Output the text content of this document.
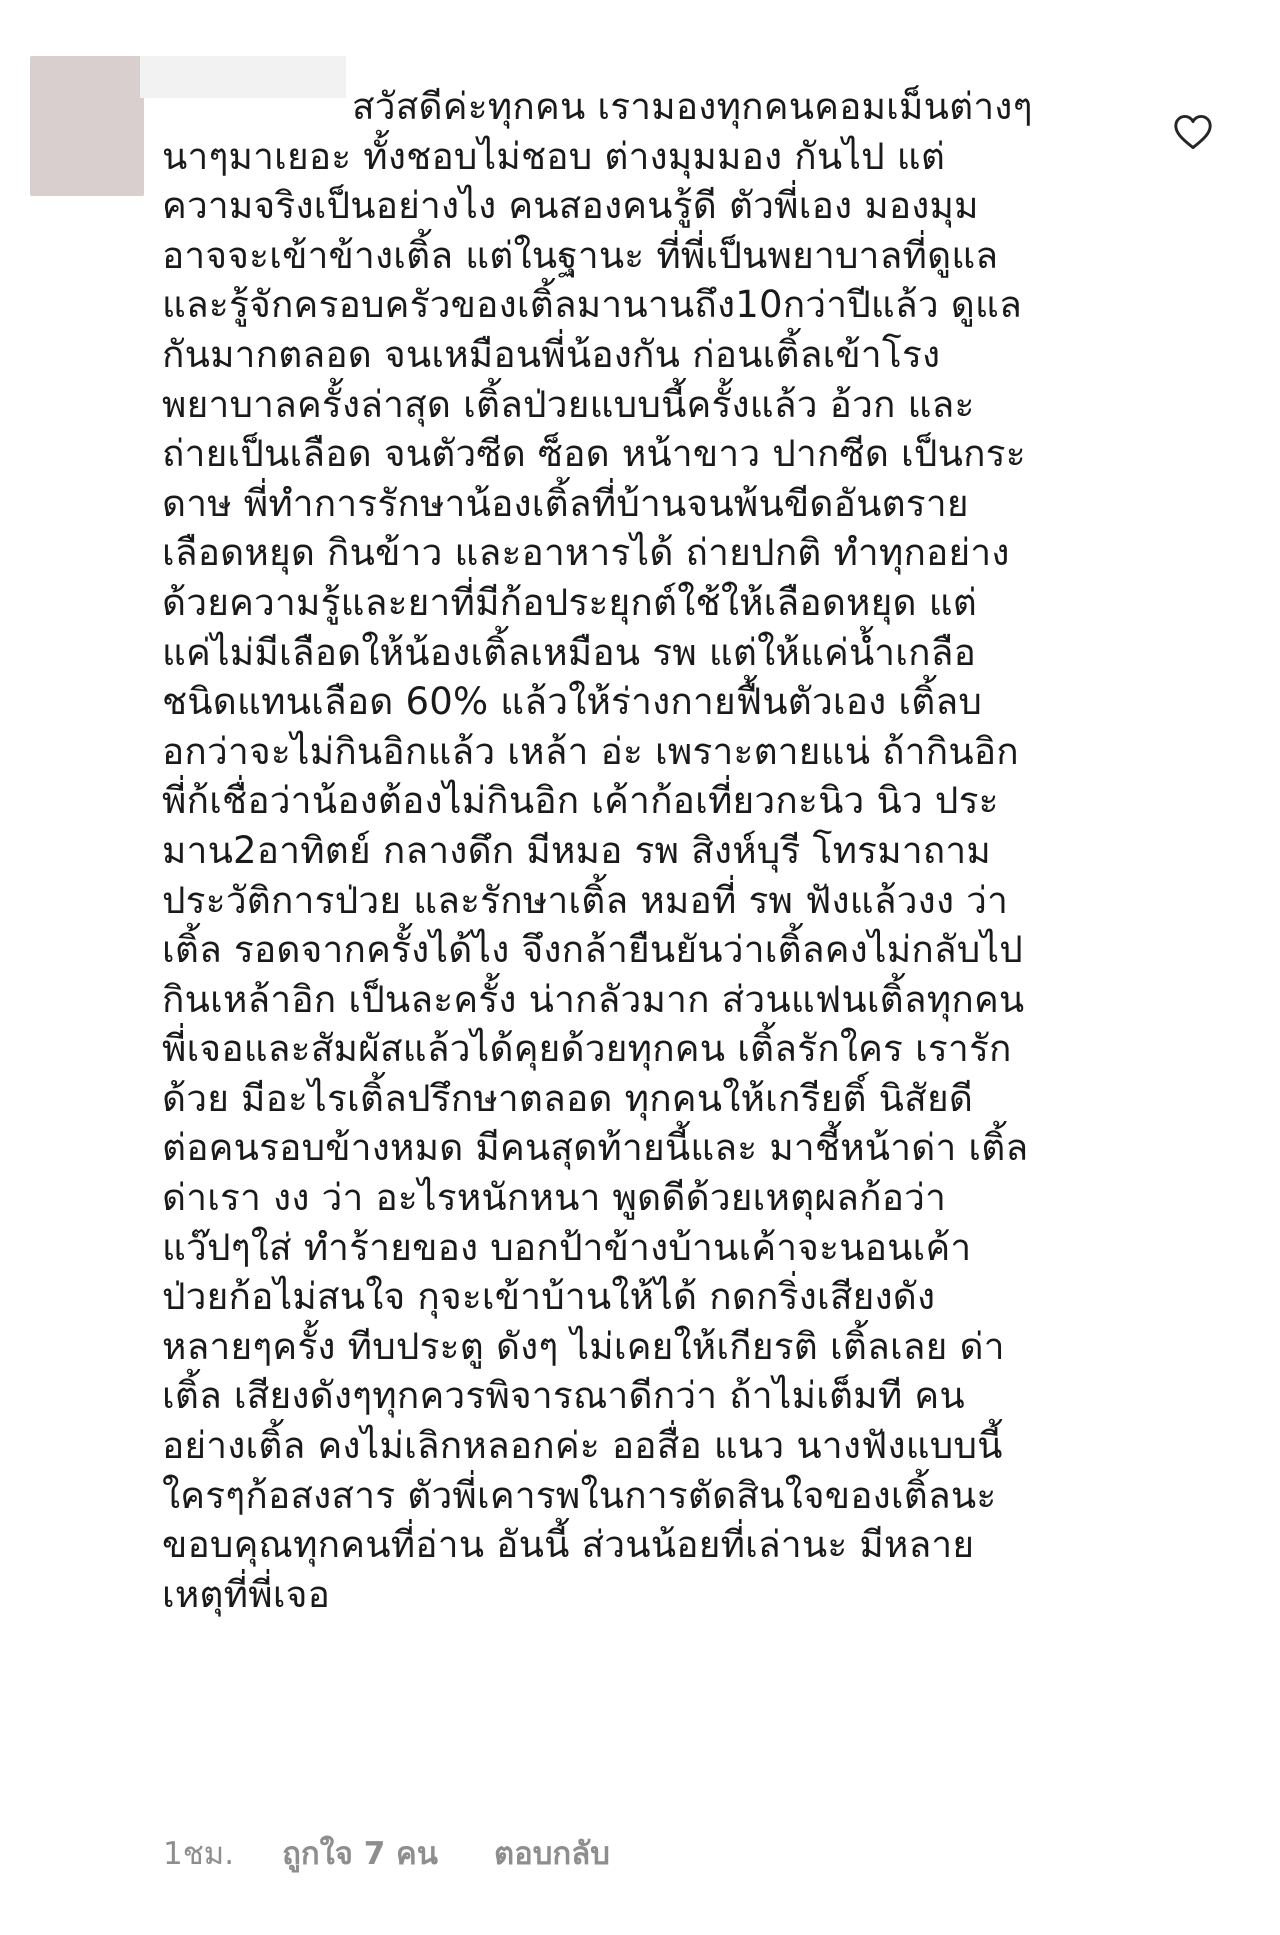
สวัสดีค่ะทุกคน เรามองทุกคนคอมเม็นต่างๆ
นาๆมาเยอะ ทั้งชอบไม่ชอบ ต่างมุมมอง กันไป แต่
ความจริงเป็นอย่างไง คนสองคนรู้ดี ตัวพี่เอง มองมุม
อาจจะเข้าข้างเติ้ล แต่ในฐานะ ที่พี่เป็นพยาบาลที่ดูแล
และรู้จักครอบครัวของเติ้ลมานานถึง10กว่าปีแล้ว ดูแล
กันมากตลอด จนเหมือนพี่น้องกัน ก่อนเติ้ลเข้าโรง
พยาบาลครั้งล่าสุด เติ้ลป่วยแบบนี้ครั้งแล้ว อ้วก และ
ถ่ายเป็นเลือด จนตัวซีด ซ็อด หน้าขาว ปากซีด เป็นกระ
ดาษ พี่ทำการรักษาน้องเติ้ลที่บ้านจนพ้นขีดอันตราย
เลือดหยุด กินข้าว และอาหารได้ ถ่ายปกติ ทำทุกอย่าง
ด้วยความรู้และยาที่มีก้อประยุกต์ใช้ให้เลือดหยุด แต่
แค่ไม่มีเลือดให้น้องเติ้ลเหมือน รพ แต่ให้แค่น้ำเกลือ
ชนิดแทนเลือด 60% แล้วให้ร่างกายฟื้นตัวเอง เติ้ลบ
อกว่าจะไม่กินอิกแล้ว เหล้า อ่ะ เพราะตายแน่ ถ้ากินอิก
พี่ก้เชื่อว่าน้องต้องไม่กินอิก เค้าก้อเที่ยวกะนิว นิว ประ
มาน2อาทิตย์ กลางดึก มีหมอ รพ สิงห์บุรี โทรมาถาม
ประวัติการป่วย และรักษาเติ้ล หมอที่ รพ ฟังแล้วงง ว่า
เติ้ล รอดจากครั้งได้ไง จึงกล้ายืนยันว่าเติ้ลคงไม่กลับไป
กินเหล้าอิก เป็นละครั้ง น่ากลัวมาก ส่วนแฟนเติ้ลทุกคน
พี่เจอและสัมผัสแล้วได้คุยด้วยทุกคน เติ้ลรักใคร เรารัก
ด้วย มีอะไรเติ้ลปรึกษาตลอด ทุกคนให้เกรียติ์ นิสัยดี
ต่อคนรอบข้างหมด มีคนสุดท้ายนี้และ มาชี้หน้าด่า เติ้ล
ด่าเรา งง ว่า อะไรหนักหนา พูดดีด้วยเหตุผลก้อว่า
แว๊ปๆใส่ ทำร้ายของ บอกป้าข้างบ้านเค้าจะนอนเค้า
ป่วยก้อไม่สนใจ กุจะเข้าบ้านให้ได้ กดกริ่งเสียงดัง
หลายๆครั้ง ทีบประตู ดังๆ ไม่เคยให้เกียรติ เติ้ลเลย ด่า
เติ้ล เสียงดังๆทุกควรพิจารณาดีกว่า ถ้าไม่เต็มที คน
อย่างเติ้ล คงไม่เลิกหลอกค่ะ ออสื่อ แนว นางฟังแบบนี้
ใครๆก้อสงสาร ตัวพี่เคารพในการตัดสินใจของเติ้ลนะ
ขอบคุณทุกคนที่อ่าน อันนี้ ส่วนน้อยที่เล่านะ มีหลาย
เหตุที่พี่เจอ
1ชม. ถูกใจ 7 คน ตอบกลับ
